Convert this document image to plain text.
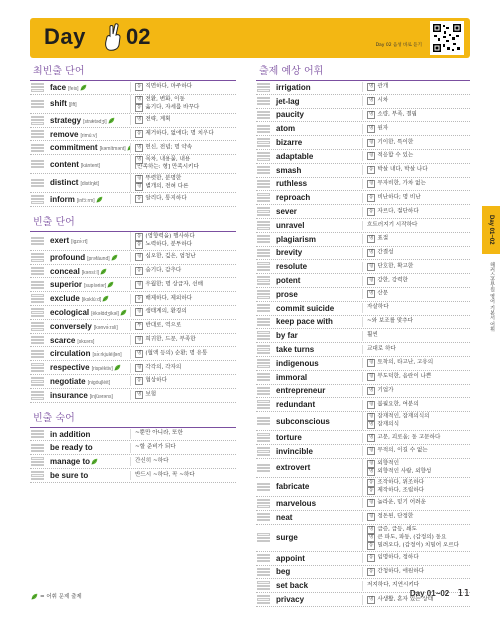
Day 02	Day 02 음성 바로 듣기
최빈출 단어
face [feis]	동 직면하다, 마주하다
shift [ʃift]
명 전환, 변화, 이동
동 옮기다, 자세를 바꾸다
strategy [strǽtədʒi]	명 전략, 계획
remove [rimúːv]	동 제거하다, 없애다; 명 치우다
commitment [kəmítmənt]	명 헌신, 전념; 명 약속
content [kántent]
명 목차, 내용물, 내용
[만족하는: 형] 만족시키다
distinct [distíŋkt]
형 뚜렷한, 분명한
형 별개의, 전혀 다른
inform [infɔ́ːrm]	동 알리다, 통지하다
빈출 단어
exert [igzə́ːrt]
동 (영향력을) 행사하다
동 노력하다, 분투하다
profound [prəfáund]	형 심오한, 깊은, 엄청난
conceal [kənsíːl]	동 숨기다, 감추다
superior [supíəriər]	형 우월한; 명 상급자, 선배
exclude [iksklúːd]	동 배제하다, 제외하다
ecological [èkəlɑ́dʒikəl]	형 생태계의, 환경의
conversely [kənvə́ːrsli]	부 반대로, 역으로
scarce [skɛərs]	형 희귀한, 드문, 부족한
circulation [sə̀ːrkjuléiʃən]	명 (혈액 등의) 순환; 명 유통
respective [rispéktiv]	형 각각의, 각자의
negotiate [nigóuʃièit]	동 협상하다
insurance [inʃúərəns]	명 보험
빈출 숙어
in addition	~뿐만 아니라, 또한
be ready to	~할 준비가 되다
manage to	간신히 ~하다
be sure to	반드시 ~하다, 꼭 ~하다
출제 예상 어휘
irrigation	명 관개
jet-lag	명 시차
paucity	명 소량, 부족, 결핍
atom	명 원자
bizarre	형 기이한, 특이한
adaptable	형 적응할 수 있는
smash	동 박살 내다, 박살 나다
ruthless	형 무자비한, 가차 없는
reproach	동 비난하다; 명 비난
sever	동 자르다, 절단하다
unravel	흐트러지기 시작하다
plagiarism	명 표절
brevity	명 간결성
resolute	형 단호한, 확고한
potent	형 강한, 강력한
prose	명 산문
commit suicide	자살하다
keep pace with	~와 보조를 맞추다
by far	훨씬
take turns	교대로 하다
indigenous	형 토착의, 타고난, 고유의
immoral	형 부도덕한, 음란이 나쁜
entrepreneur	명 기업가
redundant	형 불필요한, 여분의
subconscious
형 잠재적인, 잠재의식의
명 잠재의식
torture	명 고문, 괴로움; 동 고문하다
invincible	형 무적의, 이길 수 없는
extrovert
형 외향적인
명 외향적인 사람, 외향성
fabricate
동 조작하다, 위조하다
동 제작하다, 조립하다
marvelous	형 놀라운, 믿기 어려운
neat	형 정돈된, 단정한
surge
명 급증, 급등, 쇄도
명 큰 파도, 파동, (감정의) 동요
동 밀려오다, (감정이) 치밀어 오르다
appoint	동 임명하다, 정하다
beg	동 간청하다, 애원하다
set back	저지하다, 지연시키다
privacy	명 사생활, 혼자 있는 상태
Day 01~02
해커스공무원 영어 기본서 어휘
= 어휘 문제 출제	Day 01~02 11
